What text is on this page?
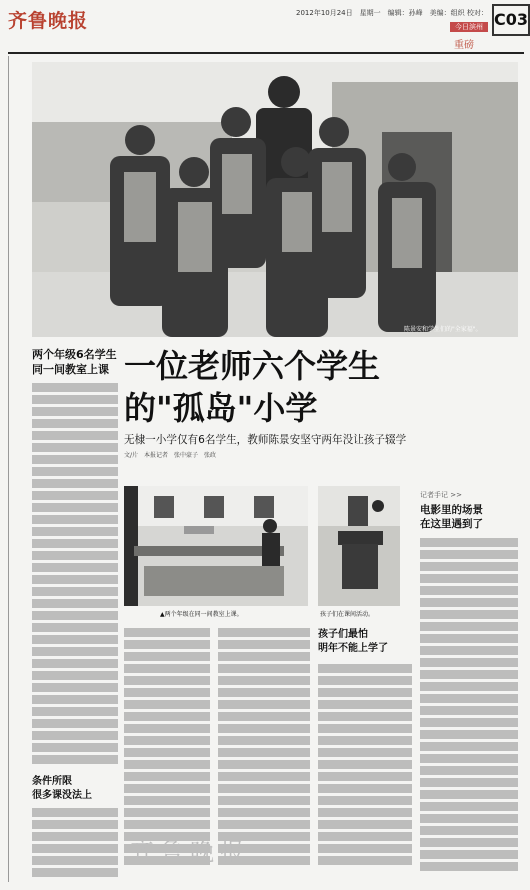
齐鲁晚报	2012年10月24日　星期一　编辑：孙峰　美编：组织 校对：
今日滨州 C03
重磅
陈景安和学生们的"全家福"。
两个年级6名学生
同一间教室上课 一位老师六个学生
的"孤岛"小学
无棣一小学仅有6名学生，教师陈景安坚守两年没让孩子辍学
文/片　本报记者　张中豪子　张政
条件所限
很多课没法上
▲两个年级在同一间教室上课。	孩子们在课间活动。
记者手记 >>
电影里的场景
在这里遇到了
孩子们最怕
明年不能上学了
齐鲁晚报
